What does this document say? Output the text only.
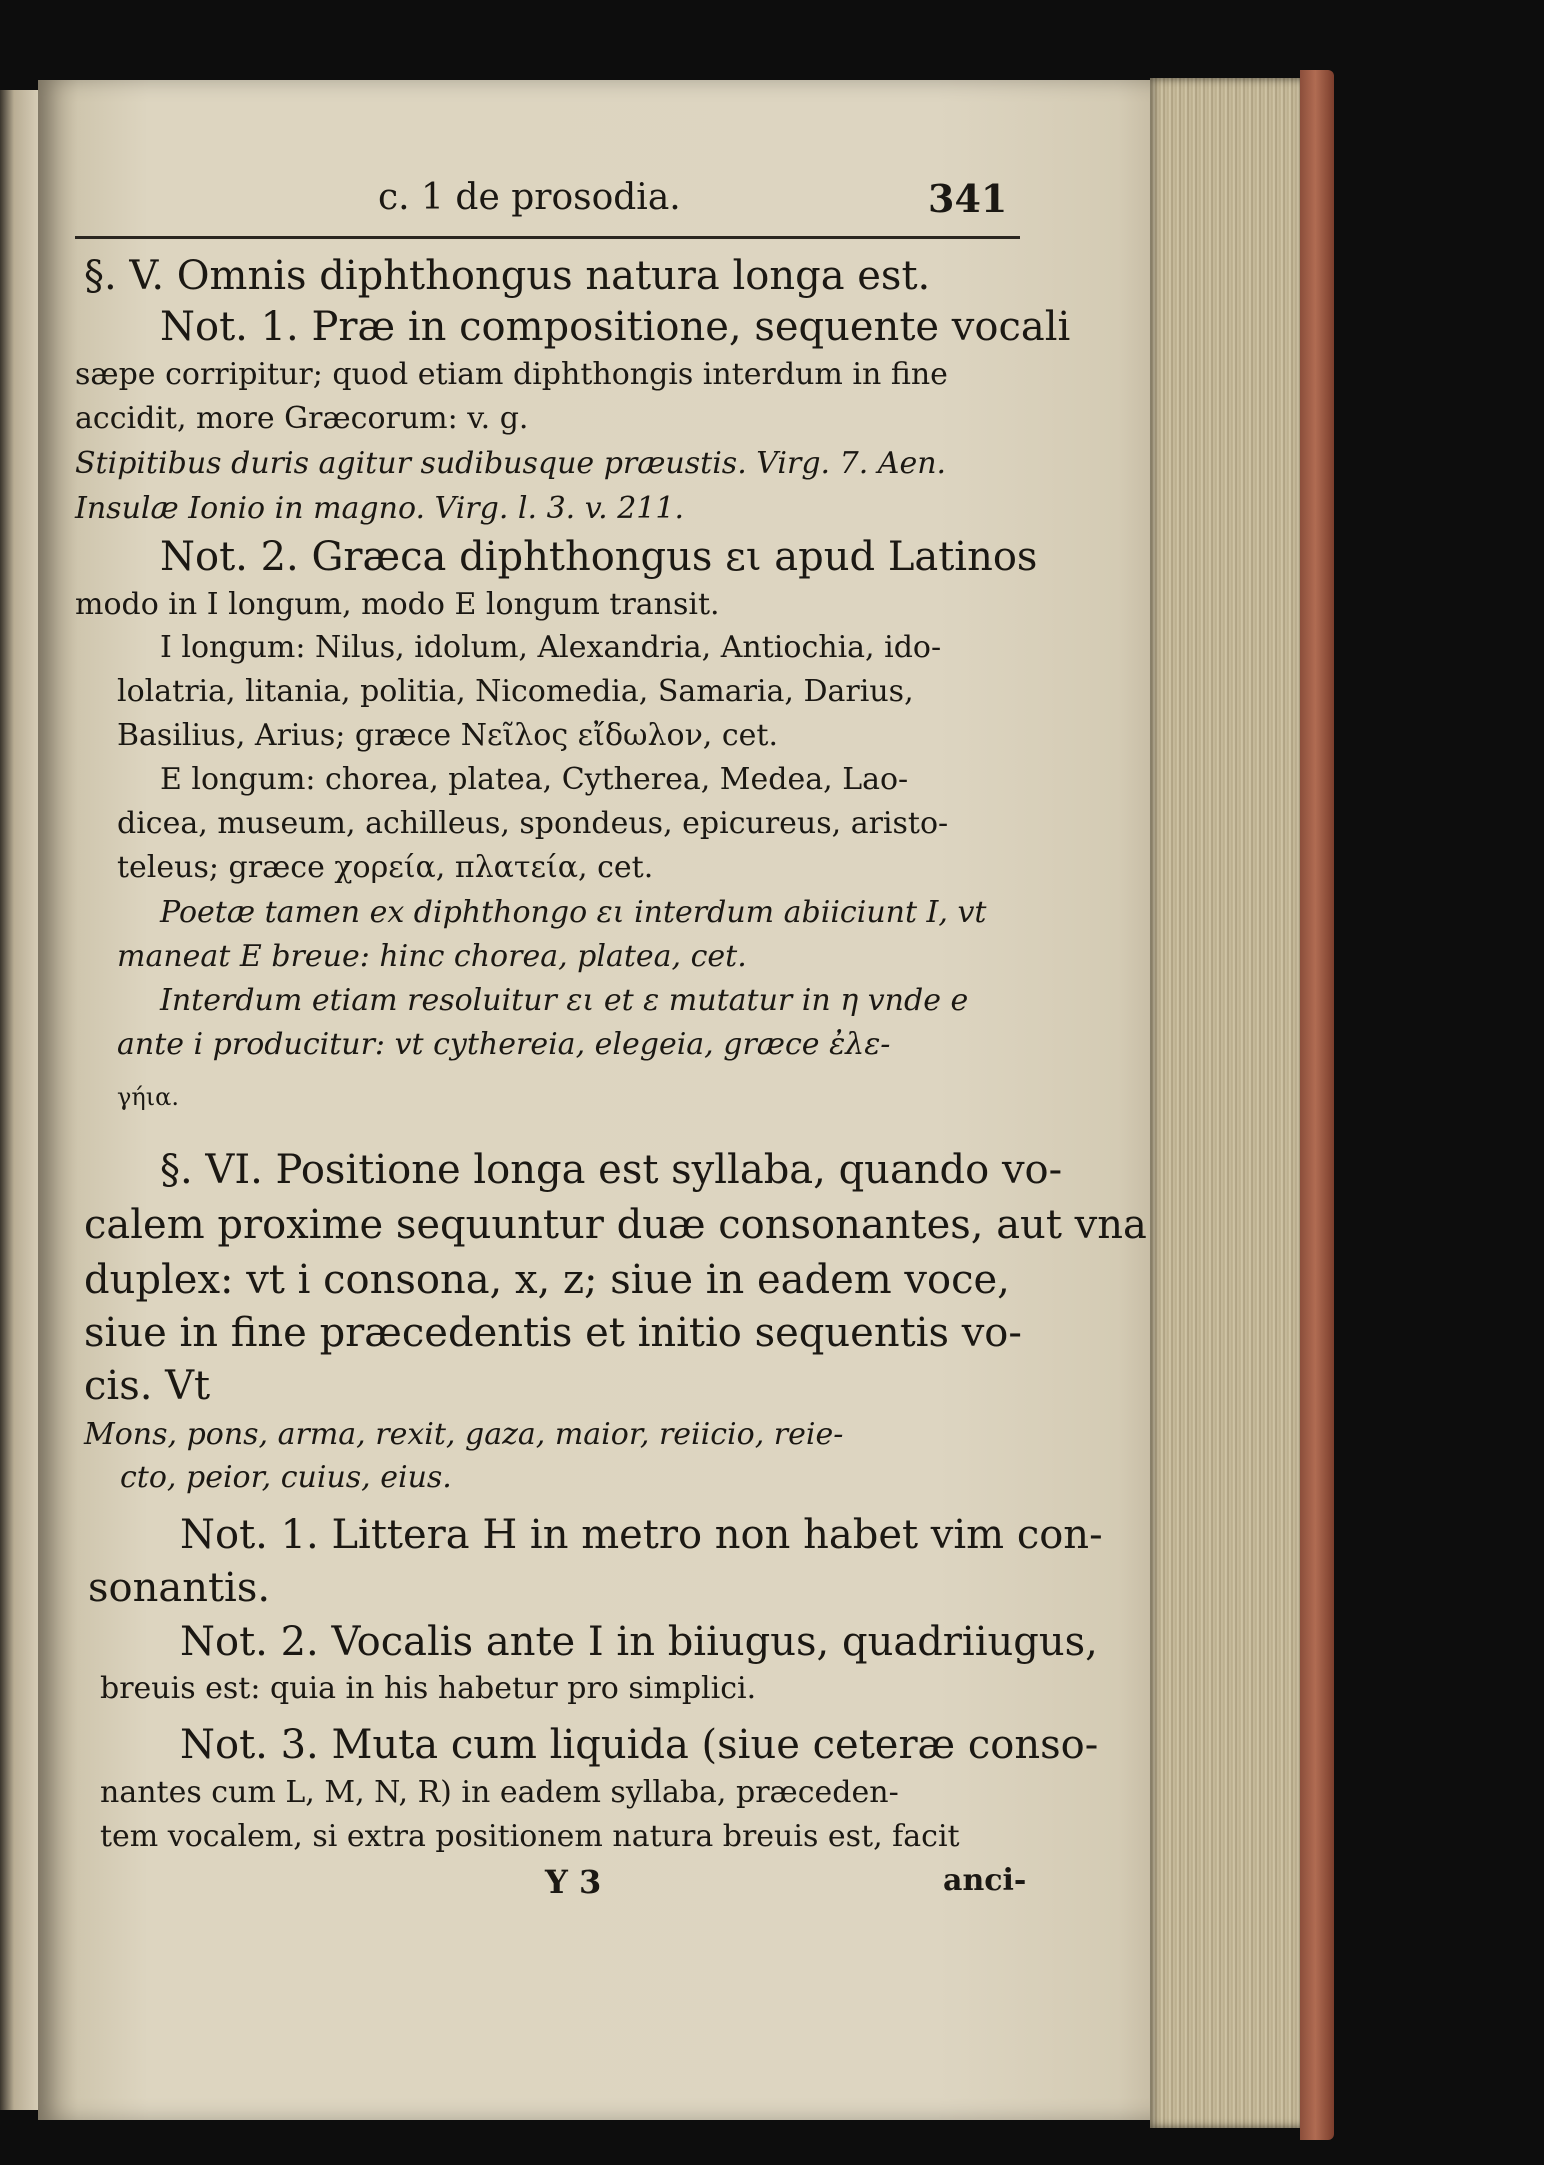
c. 1 de prosodia.	341
§. V. Omnis diphthongus natura longa est.
Not. 1. Præ in compositione, sequente vocali
sæpe corripitur; quod etiam diphthongis interdum in fine
accidit, more Græcorum: v. g.
Stipitibus duris agitur sudibusque præustis. Virg. 7. Aen.
Insulæ Ionio in magno. Virg. l. 3. v. 211.
Not. 2. Græca diphthongus ει apud Latinos
modo in I longum, modo E longum transit.
I longum: Nilus, idolum, Alexandria, Antiochia, ido-
lolatria, litania, politia, Nicomedia, Samaria, Darius,
Basilius, Arius; græce Νεῖλος εἴδωλον, cet.
E longum: chorea, platea, Cytherea, Medea, Lao-
dicea, museum, achilleus, spondeus, epicureus, aristo-
teleus; græce χορεία, πλατεία, cet.
Poetæ tamen ex diphthongo ει interdum abiiciunt I, vt
maneat E breue: hinc chorea, platea, cet.
Interdum etiam resoluitur ει et ε mutatur in η vnde e
ante i producitur: vt cythereia, elegeia, græce ἐλε-
γήια.
§. VI. Positione longa est syllaba, quando vo-
calem proxime sequuntur duæ consonantes, aut vna
duplex: vt i consona, x, z; siue in eadem voce,
siue in fine præcedentis et initio sequentis vo-
cis. Vt
Mons, pons, arma, rexit, gaza, maior, reiicio, reie-
cto, peior, cuius, eius.
Not. 1. Littera H in metro non habet vim con-
sonantis.
Not. 2. Vocalis ante I in biiugus, quadriiugus,
breuis est: quia in his habetur pro simplici.
Not. 3. Muta cum liquida (siue ceteræ conso-
nantes cum L, M, N, R) in eadem syllaba, præceden-
tem vocalem, si extra positionem natura breuis est, facit
Y 3	anci-
